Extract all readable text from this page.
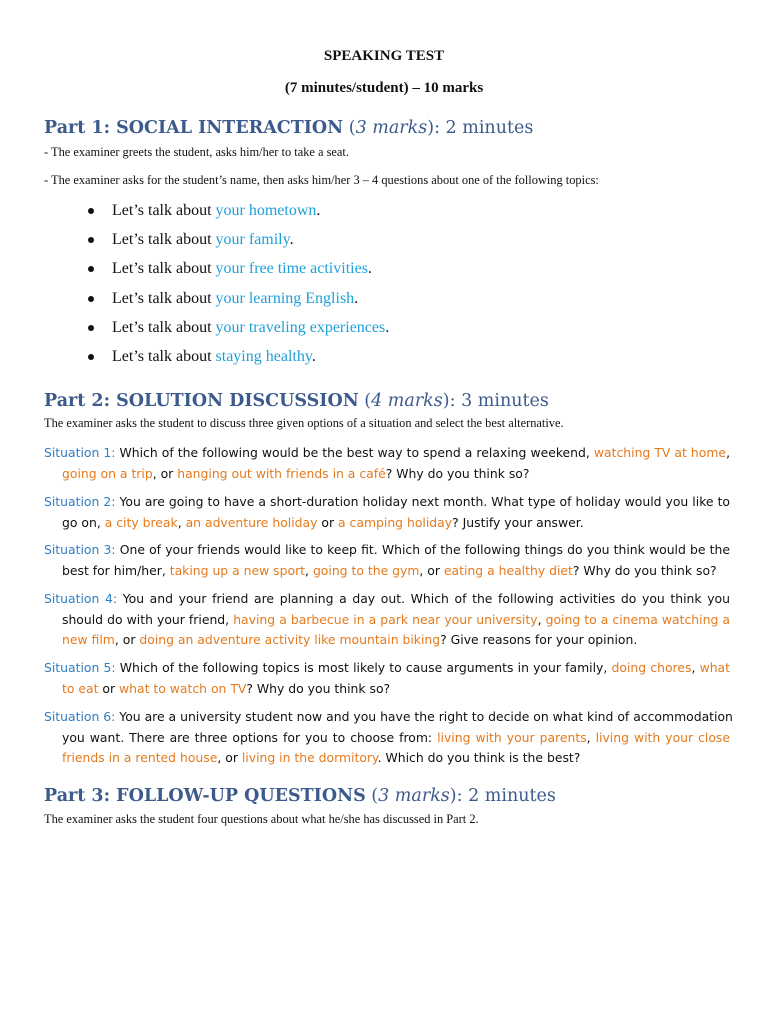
SPEAKING TEST
(7 minutes/student) – 10 marks
Part 1: SOCIAL INTERACTION (3 marks): 2 minutes
- The examiner greets the student, asks him/her to take a seat.
- The examiner asks for the student’s name, then asks him/her 3 – 4 questions about one of the following topics:
Let’s talk about your hometown.
Let’s talk about your family.
Let’s talk about your free time activities.
Let’s talk about your learning English.
Let’s talk about your traveling experiences.
Let’s talk about staying healthy.
Part 2: SOLUTION DISCUSSION (4 marks): 3 minutes
The examiner asks the student to discuss three given options of a situation and select the best alternative.
Situation 1: Which of the following would be the best way to spend a relaxing weekend, watching TV at home,
going on a trip, or hanging out with friends in a café? Why do you think so?
Situation 2: You are going to have a short-duration holiday next month. What type of holiday would you like to
go on, a city break, an adventure holiday or a camping holiday? Justify your answer.
Situation 3: One of your friends would like to keep fit. Which of the following things do you think would be the
best for him/her, taking up a new sport, going to the gym, or eating a healthy diet? Why do you think so?
Situation 4: You and your friend are planning a day out. Which of the following activities do you think you
should do with your friend, having a barbecue in a park near your university, going to a cinema watching a
new film, or doing an adventure activity like mountain biking? Give reasons for your opinion.
Situation 5: Which of the following topics is most likely to cause arguments in your family, doing chores, what
to eat or what to watch on TV? Why do you think so?
Situation 6: You are a university student now and you have the right to decide on what kind of accommodation
you want. There are three options for you to choose from: living with your parents, living with your close
friends in a rented house, or living in the dormitory. Which do you think is the best?
Part 3: FOLLOW-UP QUESTIONS (3 marks): 2 minutes
The examiner asks the student four questions about what he/she has discussed in Part 2.
